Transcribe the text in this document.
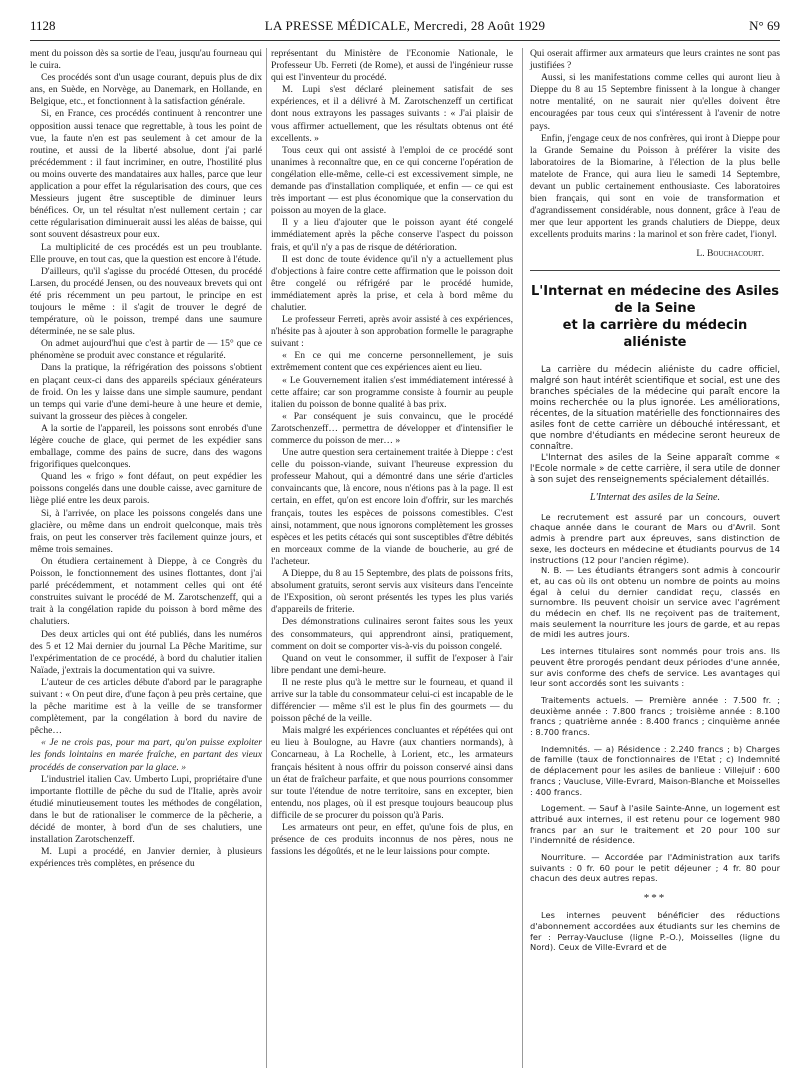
1128	LA PRESSE MÉDICALE, Mercredi, 28 Août 1929	N° 69

ment du poisson dès sa sortie de l'eau, jusqu'au fourneau qui le cuira.

Ces procédés sont d'un usage courant, depuis plus de dix ans, en Suède, en Norvège, au Danemark, en Hollande, en Belgique, etc., et fonctionnent à la satisfaction générale.

Si, en France, ces procédés continuent à rencontrer une opposition aussi tenace que regrettable, à tous les point de vue, la faute n'en est pas seulement à cet amour de la routine, et aussi de la liberté absolue, dont j'ai parlé précédemment : il faut incriminer, en outre, l'hostilité plus ou moins ouverte des mandataires aux halles, parce que leur application a pour effet la régularisation des cours, que ces Messieurs jugent être susceptible de diminuer leurs bénéfices. Or, un tel résultat n'est nullement certain ; car cette régularisation diminuerait aussi les aléas de baisse, qui sont souvent désastreux pour eux.

La multiplicité de ces procédés est un peu troublante. Elle prouve, en tout cas, que la question est encore à l'étude.

D'ailleurs, qu'il s'agisse du procédé Ottesen, du procédé Larsen, du procédé Jensen, ou des nouveaux brevets qui ont été pris récemment un peu partout, le principe en est toujours le même : il s'agit de trouver le degré de température, où le poisson, trempé dans une saumure déterminée, ne se sale plus.

On admet aujourd'hui que c'est à partir de — 15° que ce phénomène se produit avec constance et régularité.

Dans la pratique, la réfrigération des poissons s'obtient en plaçant ceux-ci dans des appareils spéciaux générateurs de froid. On les y laisse dans une simple saumure, pendant un temps qui varie d'une demi-heure à une heure et demie, suivant la grosseur des pièces à congeler.

A la sortie de l'appareil, les poissons sont enrobés d'une légère couche de glace, qui permet de les expédier sans emballage, comme des pains de sucre, dans des wagons frigorifiques quelconques.

Quand les « frigo » font défaut, on peut expédier les poissons congelés dans une double caisse, avec garniture de liège plié entre les deux parois.

Si, à l'arrivée, on place les poissons congelés dans une glacière, ou même dans un endroit quelconque, mais très frais, on peut les conserver très facilement quinze jours, et même trois semaines.

On étudiera certainement à Dieppe, à ce Congrès du Poisson, le fonctionnement des usines flottantes, dont j'ai parlé précédemment, et notamment celles qui ont été construites suivant le procédé de M. Zarotschenzeff, qui a trait à la congélation rapide du poisson à bord même des chalutiers.

Des deux articles qui ont été publiés, dans les numéros des 5 et 12 Mai dernier du journal La Pêche Maritime, sur l'expérimentation de ce procédé, à bord du chalutier italien Naïade, j'extrais la documentation qui va suivre.

L'auteur de ces articles débute d'abord par le paragraphe suivant : « On peut dire, d'une façon à peu près certaine, que la pêche maritime est à la veille de se transformer complètement, par la congélation à bord du navire de pêche…

« Je ne crois pas, pour ma part, qu'on puisse exploiter les fonds lointains en marée fraîche, en partant des vieux procédés de conservation par la glace. »

L'industriel italien Cav. Umberto Lupi, propriétaire d'une importante flottille de pêche du sud de l'Italie, après avoir étudié minutieusement toutes les méthodes de congélation, dans le but de rationaliser le commerce de la pêcherie, a décidé de monter, à bord d'un de ses chalutiers, une installation Zarotschenzeff.

M. Lupi a procédé, en Janvier dernier, à plusieurs expériences très complètes, en présence du

représentant du Ministère de l'Economie Nationale, le Professeur Ub. Ferreti (de Rome), et aussi de l'ingénieur russe qui est l'inventeur du procédé.

M. Lupi s'est déclaré pleinement satisfait de ses expériences, et il a délivré à M. Zarotschenzeff un certificat dont nous extrayons les passages suivants : « J'ai plaisir de vous affirmer actuellement, que les résultats obtenus ont été excellents. »

Tous ceux qui ont assisté à l'emploi de ce procédé sont unanimes à reconnaître que, en ce qui concerne l'opération de congélation elle-même, celle-ci est excessivement simple, ne demande pas d'installation compliquée, et enfin — ce qui est très important — est plus économique que la conservation du poisson au moyen de la glace.

Il y a lieu d'ajouter que le poisson ayant été congelé immédiatement après la pêche conserve l'aspect du poisson frais, et qu'il n'y a pas de risque de détérioration.

Il est donc de toute évidence qu'il n'y a actuellement plus d'objections à faire contre cette affirmation que le poisson doit être congelé ou réfrigéré par le procédé humide, immédiatement après la prise, et cela à bord même du chalutier.

Le professeur Ferreti, après avoir assisté à ces expériences, n'hésite pas à ajouter à son approbation formelle le paragraphe suivant :

« En ce qui me concerne personnellement, je suis extrêmement content que ces expériences aient eu lieu.

« Le Gouvernement italien s'est immédiatement intéressé à cette affaire; car son programme consiste à fournir au peuple italien du poisson de bonne qualité à bas prix.

« Par conséquent je suis convaincu, que le procédé Zarotschenzeff… permettra de développer et d'intensifier le commerce du poisson de mer… »

Une autre question sera certainement traitée à Dieppe : c'est celle du poisson-viande, suivant l'heureuse expression du professeur Mahout, qui a démontré dans une série d'articles convaincants que, là encore, nous n'étions pas à la page. Il est certain, en effet, qu'on est encore loin d'offrir, sur les marchés français, toutes les espèces de poissons comestibles. C'est ainsi, notamment, que nous ignorons complètement les grosses espèces et les petits cétacés qui sont susceptibles d'être débités en morceaux comme de la viande de boucherie, au gré de l'acheteur.

A Dieppe, du 8 au 15 Septembre, des plats de poissons frits, absolument gratuits, seront servis aux visiteurs dans l'enceinte de l'Exposition, où seront présentés les types les plus variés d'appareils de friterie.

Des démonstrations culinaires seront faites sous les yeux des consommateurs, qui apprendront ainsi, pratiquement, comment on doit se comporter vis-à-vis du poisson congelé.

Quand on veut le consommer, il suffit de l'exposer à l'air libre pendant une demi-heure.

Il ne reste plus qu'à le mettre sur le fourneau, et quand il arrive sur la table du consommateur celui-ci est incapable de le différencier — même s'il est le plus fin des gourmets — du poisson pêché de la veille.

Mais malgré les expériences concluantes et répétées qui ont eu lieu à Boulogne, au Havre (aux chantiers normands), à Concarneau, à La Rochelle, à Lorient, etc., les armateurs français hésitent à nous offrir du poisson conservé ainsi dans un état de fraîcheur parfaite, et que nous pourrions consommer sur toute l'étendue de notre territoire, sans en excepter, bien entendu, nos plages, où il est presque toujours beaucoup plus difficile de se procurer du poisson qu'à Paris.

Les armateurs ont peur, en effet, qu'une fois de plus, en présence de ces produits inconnus de nos pères, nous ne fassions les dégoûtés, et ne le leur laissions pour compte.

Qui oserait affirmer aux armateurs que leurs craintes ne sont pas justifiées ?

Aussi, si les manifestations comme celles qui auront lieu à Dieppe du 8 au 15 Septembre finissent à la longue à changer notre mentalité, on ne saurait nier qu'elles doivent être encouragées par tous ceux qui s'intéressent à l'avenir de notre pays.

Enfin, j'engage ceux de nos confrères, qui iront à Dieppe pour la Grande Semaine du Poisson à préférer la visite des laboratoires de la Biomarine, à l'élection de la plus belle matelote de France, qui aura lieu le samedi 14 Septembre, devant un public certainement enthousiaste. Ces laboratoires bien français, qui sont en voie de transformation et d'agrandissement considérable, nous donnent, grâce à l'eau de mer que leur apportent les grands chalutiers de Dieppe, deux excellents produits marins : la marinol et son frère cadet, l'ionyl.

L. Bouchacourt.

L'Internat en médecine des Asiles
de la Seine
et la carrière du médecin aliéniste

La carrière du médecin aliéniste du cadre officiel, malgré son haut intérêt scientifique et social, est une des branches spéciales de la médecine qui paraît encore la moins recherchée ou la plus ignorée. Les améliorations, récentes, de la situation matérielle des fonctionnaires des asiles font de cette carrière un débouché intéressant, et que nombre d'étudiants en médecine seront heureux de connaître.

L'Internat des asiles de la Seine apparaît comme « l'Ecole normale » de cette carrière, il sera utile de donner à son sujet des renseignements spécialement détaillés.

L'Internat des asiles de la Seine.

Le recrutement est assuré par un concours, ouvert chaque année dans le courant de Mars ou d'Avril. Sont admis à prendre part aux épreuves, sans distinction de sexe, les docteurs en médecine et étudiants pourvus de 14 instructions (12 pour l'ancien régime).

N. B. — Les étudiants étrangers sont admis à concourir et, au cas où ils ont obtenu un nombre de points au moins égal à celui du dernier candidat reçu, classés en surnombre. Ils peuvent choisir un service avec l'agrément du médecin en chef. Ils ne reçoivent pas de traitement, mais seulement la nourriture les jours de garde, et au repas de midi les autres jours.

Les internes titulaires sont nommés pour trois ans. Ils peuvent être prorogés pendant deux périodes d'une année, sur avis conforme des chefs de service. Les avantages qui leur sont accordés sont les suivants :

Traitements actuels. — Première année : 7.500 fr. ; deuxième année : 7.800 francs ; troisième année : 8.100 francs ; quatrième année : 8.400 francs ; cinquième année : 8.700 francs.

Indemnités. — a) Résidence : 2.240 francs ; b) Charges de famille (taux de fonctionnaires de l'Etat ; c) Indemnité de déplacement pour les asiles de banlieue : Villejuif : 600 francs ; Vaucluse, Ville-Evrard, Maison-Blanche et Moisselles : 400 francs.

Logement. — Sauf à l'asile Sainte-Anne, un logement est attribué aux internes, il est retenu pour ce logement 980 francs par an sur le traitement et 20 pour 100 sur l'indemnité de résidence.

Nourriture. — Accordée par l'Administration aux tarifs suivants : 0 fr. 60 pour le petit déjeuner ; 4 fr. 80 pour chacun des deux autres repas.

***

Les internes peuvent bénéficier des réductions d'abonnement accordées aux étudiants sur les chemins de fer : Perray-Vaucluse (ligne P.-O.), Moisselles (ligne du Nord). Ceux de Ville-Evrard et de
